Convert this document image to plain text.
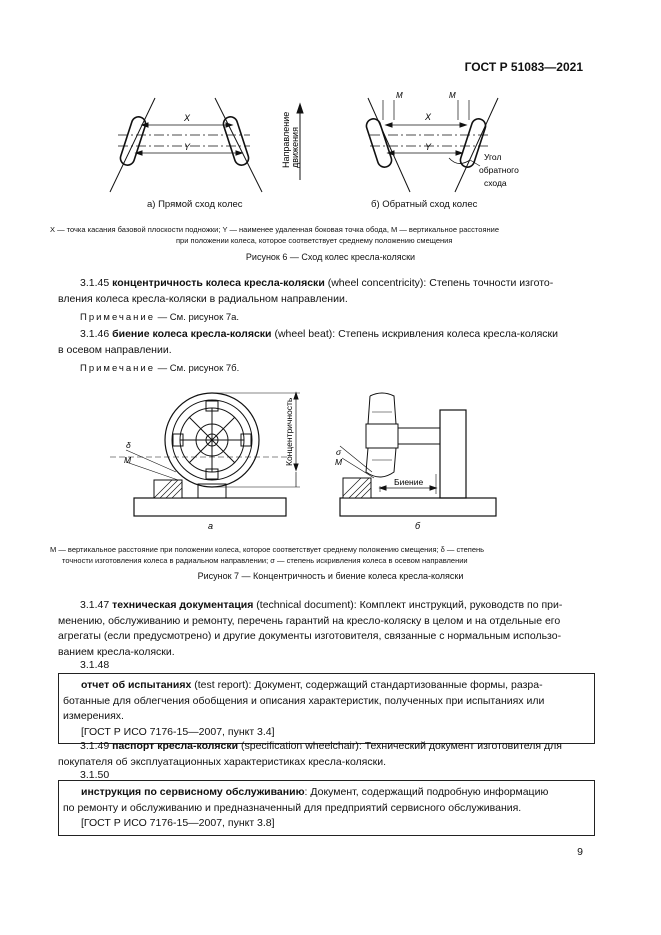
ГОСТ Р 51083—2021
X
Y	Направление движения
M	M
X
Y
Угол
обратного
схода
а) Прямой сход колес	б) Обратный сход колес
X — точка касания базовой плоскости подножки; Y — наименее удаленная боковая точка обода, M — вертикальное расстояние
при положении колеса, которое соответствует среднему положению смещения
Рисунок 6 — Сход колес кресла-коляски
3.1.45 концентричность колеса кресла-коляски (wheel concentricity): Степень точности изгото-
вления колеса кресла-коляски в радиальном направлении.
Примечание — См. рисунок 7а.
3.1.46 биение колеса кресла-коляски (wheel beat): Степень искривления колеса кресла-коляски
в осевом направлении.
Примечание — См. рисунок 7б.
Концентричность
δ
M
σ
M
Биение
а	б
M — вертикальное расстояние при положении колеса, которое соответствует среднему положению смещения; δ — степень
точности изготовления колеса в радиальном направлении; σ — степень искривления колеса в осевом направлении
Рисунок 7 — Концентричность и биение колеса кресла-коляски
3.1.47 техническая документация (technical document): Комплект инструкций, руководств по при-
менению, обслуживанию и ремонту, перечень гарантий на кресло-коляску в целом и на отдельные его
агрегаты (если предусмотрено) и другие документы изготовителя, связанные с нормальным использо-
ванием кресла-коляски.
3.1.48
отчет об испытаниях (test report): Документ, содержащий стандартизованные формы, разра-
ботанные для облегчения обобщения и описания характеристик, полученных при испытаниях или
измерениях.

[ГОСТ Р ИСО 7176-15—2007, пункт 3.4]
3.1.49 паспорт кресла-коляски (specification wheelchair): Технический документ изготовителя для
покупателя об эксплуатационных характеристиках кресла-коляски.
3.1.50
инструкция по сервисному обслуживанию: Документ, содержащий подробную информацию
по ремонту и обслуживанию и предназначенный для предприятий сервисного обслуживания.

[ГОСТ Р ИСО 7176-15—2007, пункт 3.8]
9
